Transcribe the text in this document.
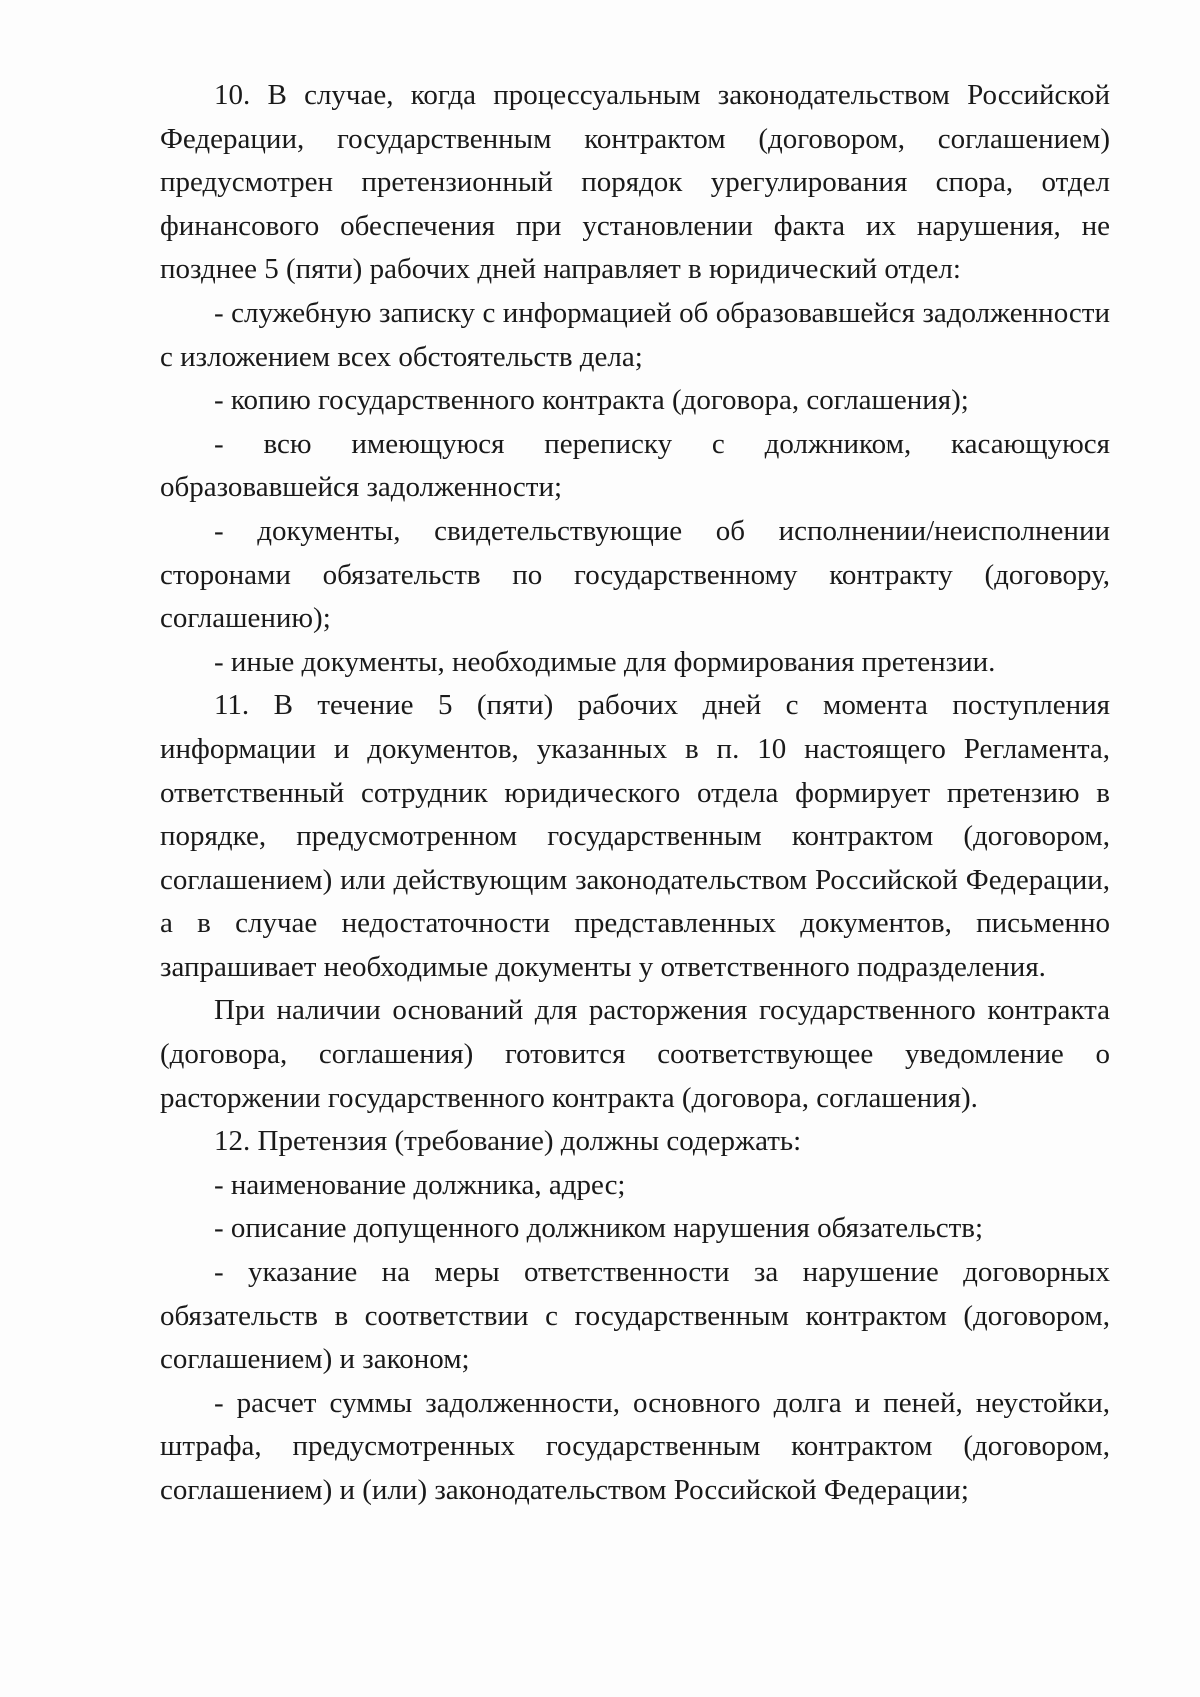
10. В случае, когда процессуальным законодательством Российской Федерации, государственным контрактом (договором, соглашением) предусмотрен претензионный порядок урегулирования спора, отдел финансового обеспечения при установлении факта их нарушения, не позднее 5 (пяти) рабочих дней направляет в юридический отдел:

- служебную записку с информацией об образовавшейся задолженности с изложением всех обстоятельств дела;

- копию государственного контракта (договора, соглашения);

- всю имеющуюся переписку с должником, касающуюся образовавшейся задолженности;

- документы, свидетельствующие об исполнении/неисполнении сторонами обязательств по государственному контракту (договору, соглашению);

- иные документы, необходимые для формирования претензии.

11. В течение 5 (пяти) рабочих дней с момента поступления информации и документов, указанных в п. 10 настоящего Регламента, ответственный сотрудник юридического отдела формирует претензию в порядке, предусмотренном государственным контрактом (договором, соглашением) или действующим законодательством Российской Федерации, а в случае недостаточности представленных документов, письменно запрашивает необходимые документы у ответственного подразделения.

При наличии оснований для расторжения государственного контракта (договора, соглашения) готовится соответствующее уведомление о расторжении государственного контракта (договора, соглашения).

12. Претензия (требование) должны содержать:

- наименование должника, адрес;

- описание допущенного должником нарушения обязательств;

- указание на меры ответственности за нарушение договорных обязательств в соответствии с государственным контрактом (договором, соглашением) и законом;

- расчет суммы задолженности, основного долга и пеней, неустойки, штрафа, предусмотренных государственным контрактом (договором, соглашением) и (или) законодательством Российской Федерации;
